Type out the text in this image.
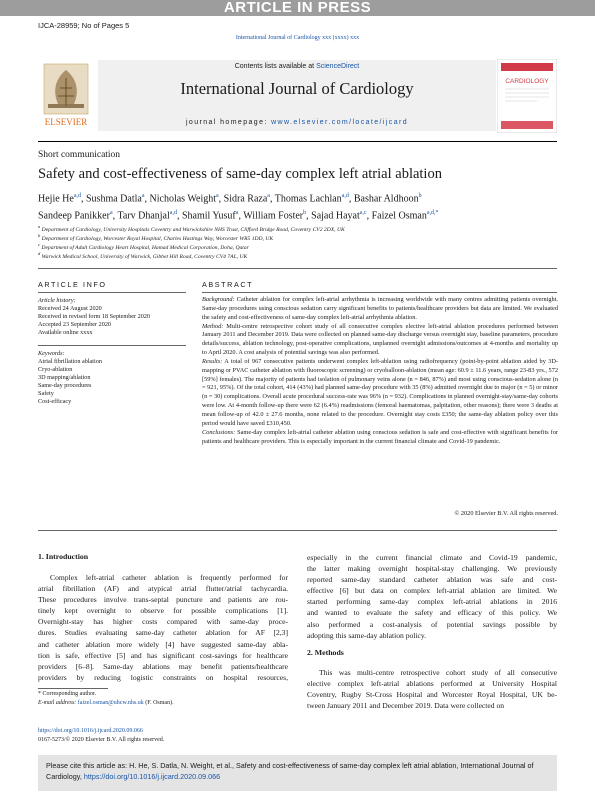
ARTICLE IN PRESS
IJCA-28959; No of Pages 5
International Journal of Cardiology xxx (xxxx) xxx
ELSEVIER
Contents lists available at ScienceDirect
International Journal of Cardiology
journal homepage: www.elsevier.com/locate/ijcard
CARDIOLOGY
Short communication
Safety and cost-effectiveness of same-day complex left atrial ablation
Hejie He$^{a,d}$, Sushma Datla$^a$, Nicholas Weight$^a$, Sidra Raza$^a$, Thomas Lachlan$^{a,d}$, Bashar Aldhoon$^b$
Sandeep Panikker$^a$, Tarv Dhanjal$^{a,d}$, Shamil Yusuf$^a$, William Foster$^b$, Sajad Hayat$^{a,c}$, Faizel Osman$^{a,d,*}$
ARTICLE INFO	ABSTRACT
Article history:
Received 24 August 2020
Received in revised form 18 September 2020
Accepted 23 September 2020
Available online xxxx
Keywords:
Atrial fibrillation ablation
Cryo-ablation
3D mapping/ablation
Same-day procedures
Safety
Cost-efficacy

Background: Catheter ablation for complex left-atrial arrhythmia is increasing worldwide with many centres admitting patients overnight. Same-day procedures using conscious sedation carry significant benefits to patients/healthcare providers but data are limited. We evaluated the safety and cost-effectiveness of same-day complex left-atrial arrhythmia ablation.

Method: Multi-centre retrospective cohort study of all consecutive complex elective left-atrial ablation procedures performed between January 2011 and December 2019. Data were collected on planned same-day discharge versus overnight stay, baseline parameters, procedure details/success, ablation technology, post-operative complications, unplanned overnight admissions/outcomes at 4-months and mortality up to April 2020. A cost analysis of potential savings was also performed.

Results: A total of 967 consecutive patients underwent complex left-ablation using radiofrequency (point-by-point ablation aided by 3D-mapping or PVAC catheter ablation with fluoroscopic screening) or cryoballoon-ablation (mean age: 60.9 ± 11.6 years, range 23-83 yrs., 572 [59%] females). The majority of patients had isolation of pulmonary veins alone (n = 846, 87%) and most using conscious-sedation alone (n = 921, 95%). Of the total cohort, 414 (43%) had planned same-day procedure with 35 (8%) admitted overnight due to major (n = 5) or minor (n = 30) complications. Overall acute procedural success-rate was 96% (n = 932). Complications in planned overnight-stay/same-day cohorts were low. At 4-month follow-up there were 62 (6.4%) readmissions (femoral haematomas, palpitation, other reasons); there were 3 deaths at mean follow-up of 42.0 ± 27.6 months, none related to the procedure. Overnight stay costs £350; the same-day ablation policy over this period would have saved £310,450.

Conclusions: Same-day complex left-atrial catheter ablation using conscious sedation is safe and cost-effective with significant benefits for patients and healthcare providers. This is especially important in the current financial climate and Covid-19 pandemic.

© 2020 Elsevier B.V. All rights reserved.
1. Introduction
Complex left-atrial catheter ablation is frequently performed for
atrial fibrillation (AF) and atypical atrial flutter/atrial tachycardia.
These procedures involve trans-septal puncture and patients are rou-
tinely kept overnight to observe for possible complications [1].
Overnight-stay has higher costs compared with same-day proce-
dures. Studies evaluating same-day catheter ablation for AF [2,3]
and catheter ablation more widely [4] have suggested same-day abla-
tion is safe, effective [5] and has significant cost-savings for healthcare
providers [6–8]. Same-day ablations may benefit patients/healthcare
providers by reducing logistic constraints on hospital resources,
* Corresponding author.
E-mail address: faizel.osman@uhcw.nhs.uk (F. Osman).
https://doi.org/10.1016/j.ijcard.2020.09.066
0167-5273/© 2020 Elsevier B.V. All rights reserved.
especially in the current financial climate and Covid-19 pandemic,
the latter making overnight hospital-stay challenging. We previously
reported same-day standard catheter ablation was safe and cost-
effective [6] but data on complex left-atrial ablation are limited. We
started performing same-day complex left-atrial ablations in 2016
and wanted to evaluate the safety and efficacy of this policy. We
also performed a cost-analysis of potential savings possible by
adopting this same-day ablation policy.
2. Methods
This was multi-centre retrospective cohort study of all consecutive
elective complex left-atrial ablations performed at University Hospital
Coventry, Rugby St-Cross Hospital and Worcester Royal Hospital, UK be-
tween January 2011 and December 2019. Data were collected on
Please cite this article as: H. He, S. Datla, N. Weight, et al., Safety and cost-effectiveness of same-day complex left atrial ablation, International Journal of Cardiology, https://doi.org/10.1016/j.ijcard.2020.09.066
$^a$ Department of Cardiology, University Hospitals Coventry and Warwickshire NHS Trust, Clifford Bridge Road, Coventry CV2 2DX, UK
$^b$ Department of Cardiology, Worcester Royal Hospital, Charles Hastings Way, Worcester WR5 1DD, UK
$^c$ Department of Adult Cardiology Heart Hospital, Hamad Medical Corporation, Doha, Qatar
$^d$ Warwick Medical School, University of Warwick, Gibbet Hill Road, Coventry CV4 7AL, UK
